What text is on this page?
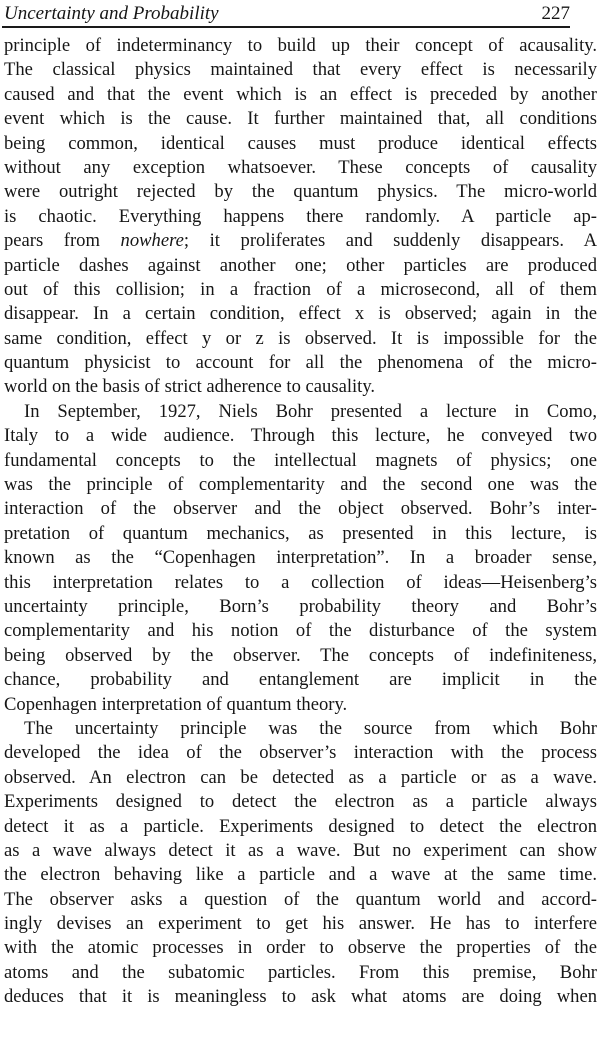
Uncertainty and Probability	227

principle of indeterminancy to build up their concept of acausality.
The classical physics maintained that every effect is necessarily
caused and that the event which is an effect is preceded by another
event which is the cause. It further maintained that, all conditions
being common, identical causes must produce identical effects
without any exception whatsoever. These concepts of causality
were outright rejected by the quantum physics. The micro-world
is chaotic. Everything happens there randomly. A particle ap-
pears from nowhere; it proliferates and suddenly disappears. A
particle dashes against another one; other particles are produced
out of this collision; in a fraction of a microsecond, all of them
disappear. In a certain condition, effect x is observed; again in the
same condition, effect y or z is observed. It is impossible for the
quantum physicist to account for all the phenomena of the micro-
world on the basis of strict adherence to causality.

In September, 1927, Niels Bohr presented a lecture in Como,
Italy to a wide audience. Through this lecture, he conveyed two
fundamental concepts to the intellectual magnets of physics; one
was the principle of complementarity and the second one was the
interaction of the observer and the object observed. Bohr’s inter-
pretation of quantum mechanics, as presented in this lecture, is
known as the “Copenhagen interpretation”. In a broader sense,
this interpretation relates to a collection of ideas—Heisenberg’s
uncertainty principle, Born’s probability theory and Bohr’s
complementarity and his notion of the disturbance of the system
being observed by the observer. The concepts of indefiniteness,
chance, probability and entanglement are implicit in the
Copenhagen interpretation of quantum theory.

The uncertainty principle was the source from which Bohr
developed the idea of the observer’s interaction with the process
observed. An electron can be detected as a particle or as a wave.
Experiments designed to detect the electron as a particle always
detect it as a particle. Experiments designed to detect the electron
as a wave always detect it as a wave. But no experiment can show
the electron behaving like a particle and a wave at the same time.
The observer asks a question of the quantum world and accord-
ingly devises an experiment to get his answer. He has to interfere
with the atomic processes in order to observe the properties of the
atoms and the subatomic particles. From this premise, Bohr
deduces that it is meaningless to ask what atoms are doing when
